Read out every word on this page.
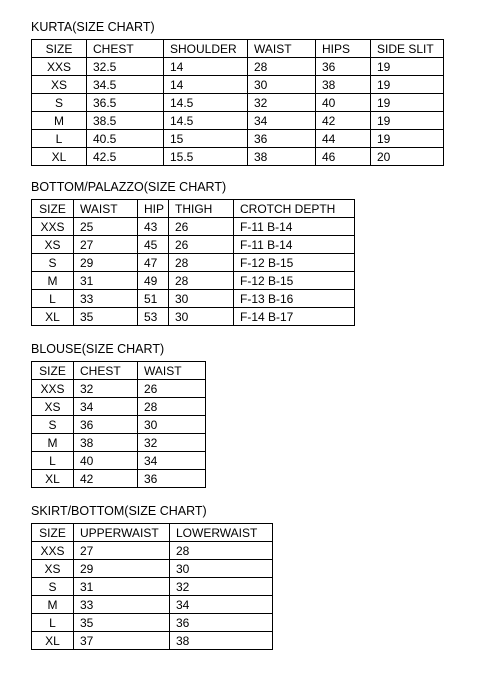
KURTA(SIZE CHART)
SIZE	CHEST	SHOULDER	WAIST	HIPS	SIDE SLIT
XXS	32.5	14	28	36	19
XS	34.5	14	30	38	19
S	36.5	14.5	32	40	19
M	38.5	14.5	34	42	19
L	40.5	15	36	44	19
XL	42.5	15.5	38	46	20
BOTTOM/PALAZZO(SIZE CHART)
SIZE	WAIST	HIP	THIGH	CROTCH DEPTH
XXS	25	43	26	F-11 B-14
XS	27	45	26	F-11 B-14
S	29	47	28	F-12 B-15
M	31	49	28	F-12 B-15
L	33	51	30	F-13 B-16
XL	35	53	30	F-14 B-17
BLOUSE(SIZE CHART)
SIZE	CHEST	WAIST
XXS	32	26
XS	34	28
S	36	30
M	38	32
L	40	34
XL	42	36
SKIRT/BOTTOM(SIZE CHART)
SIZE	UPPERWAIST	LOWERWAIST
XXS	27	28
XS	29	30
S	31	32
M	33	34
L	35	36
XL	37	38
